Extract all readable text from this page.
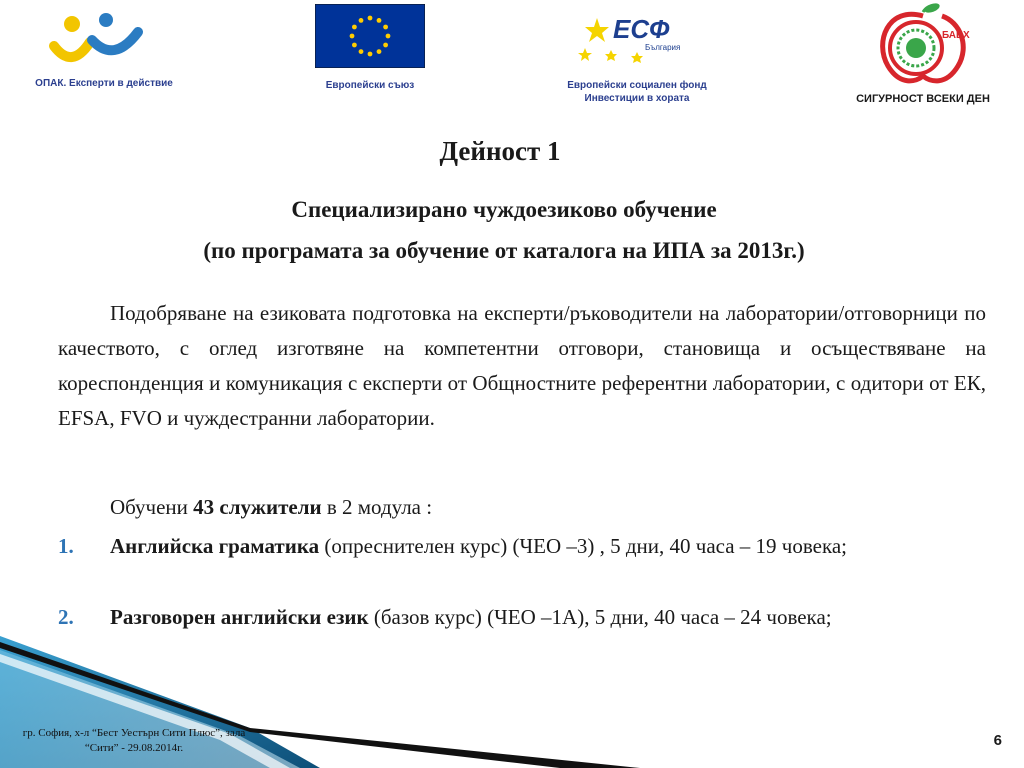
ОПАК. Експерти в действие	Европейски съюз
ЕСФ
България
Европейски социален фонд
Инвестиции в хората
БАБХ
СИГУРНОСТ ВСЕКИ ДЕН
Дейност 1
Специализирано чуждоезиково обучение
(по програмата за обучение от каталога на ИПА за 2013г.)
Подобряване на езиковата подготовка на експерти/ръководители на лаборатории/отговорници по качеството, с оглед изготвяне на компетентни отговори, становища и осъществяване на кореспонденция и комуникация с експерти от Общностните референтни лаборатории, с одитори от ЕК, EFSA, FVO и чуждестранни лаборатории.
Обучени 43 служители в 2 модула :
1.	Английска граматика (опреснителен курс) (ЧЕО –3) , 5 дни, 40 часа – 19 човека;
2.	Разговорен английски език (базов курс) (ЧЕО –1А), 5 дни, 40 часа – 24 човека;
гр. София, х-л “Бест Уестърн Сити Плюс”, зала “Сити” - 29.08.2014г.	6
